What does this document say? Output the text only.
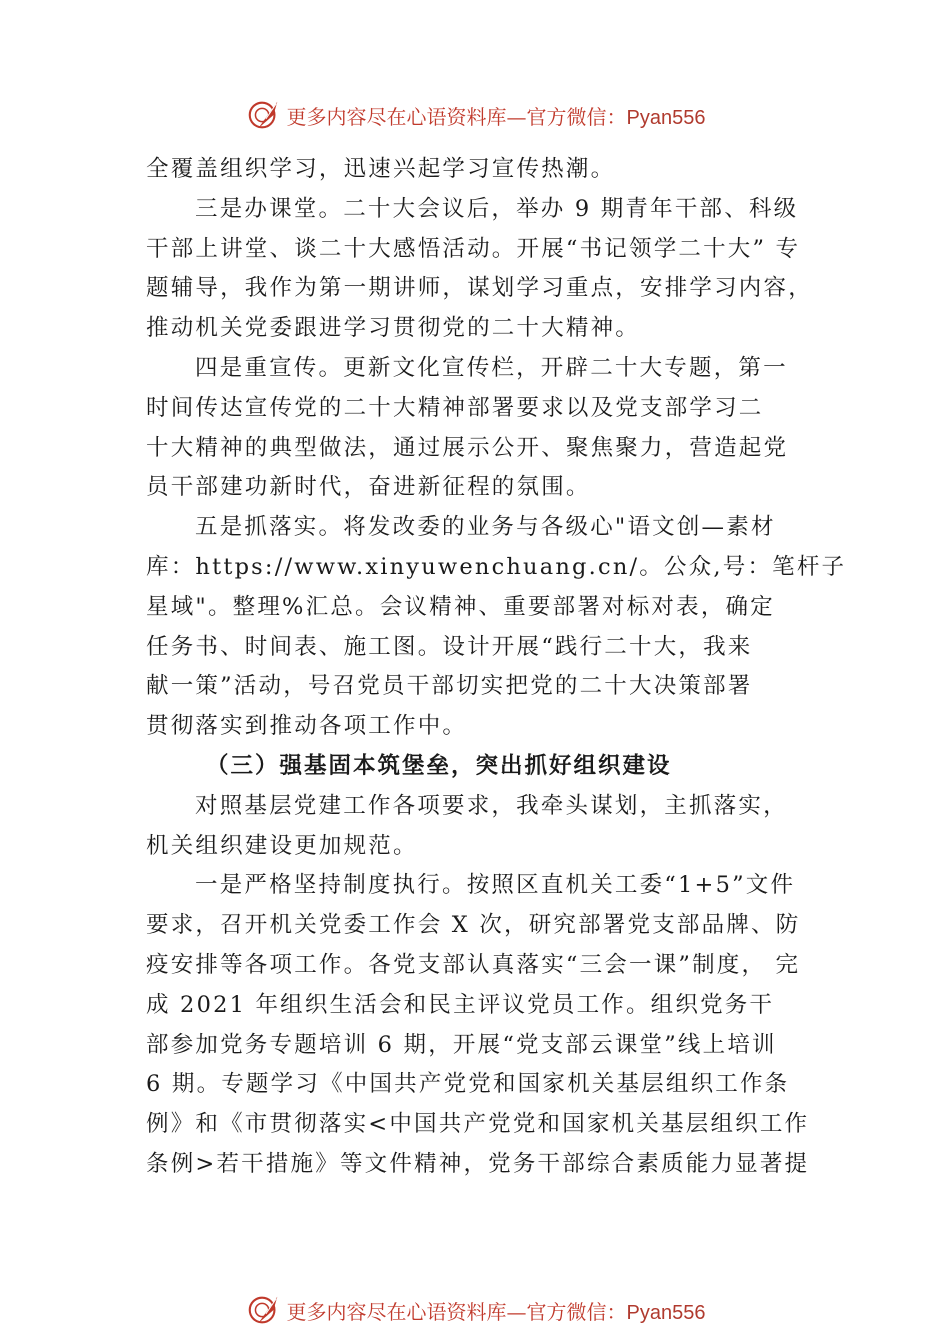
更多内容尽在心语资料库—官方微信：Pyan556
全覆盖组织学习，迅速兴起学习宣传热潮。
三是办课堂。二十大会议后，举办 9 期青年干部、科级
干部上讲堂、谈二十大感悟活动。开展“书记领学二十大” 专
题辅导，我作为第一期讲师，谋划学习重点，安排学习内容，
推动机关党委跟进学习贯彻党的二十大精神。
四是重宣传。更新文化宣传栏，开辟二十大专题，第一
时间传达宣传党的二十大精神部署要求以及党支部学习二
十大精神的典型做法，通过展示公开、聚焦聚力，营造起党
员干部建功新时代，奋进新征程的氛围。
五是抓落实。将发改委的业务与各级心"语文创—素材
库：https://www.xinyuwenchuang.cn/。公众,号：笔杆子
星域"。整理%汇总。会议精神、重要部署对标对表，确定
任务书、时间表、施工图。设计开展“践行二十大，我来
献一策”活动，号召党员干部切实把党的二十大决策部署
贯彻落实到推动各项工作中。
（三）强基固本筑堡垒，突出抓好组织建设
对照基层党建工作各项要求，我牵头谋划，主抓落实，
机关组织建设更加规范。
一是严格坚持制度执行。按照区直机关工委“1+5”文件
要求，召开机关党委工作会 X 次，研究部署党支部品牌、防
疫安排等各项工作。各党支部认真落实“三会一课”制度， 完
成 2021 年组织生活会和民主评议党员工作。组织党务干
部参加党务专题培训 6 期，开展“党支部云课堂”线上培训
6 期。专题学习《中国共产党党和国家机关基层组织工作条
例》和《市贯彻落实<中国共产党党和国家机关基层组织工作
条例>若干措施》等文件精神，党务干部综合素质能力显著提
更多内容尽在心语资料库—官方微信：Pyan556
